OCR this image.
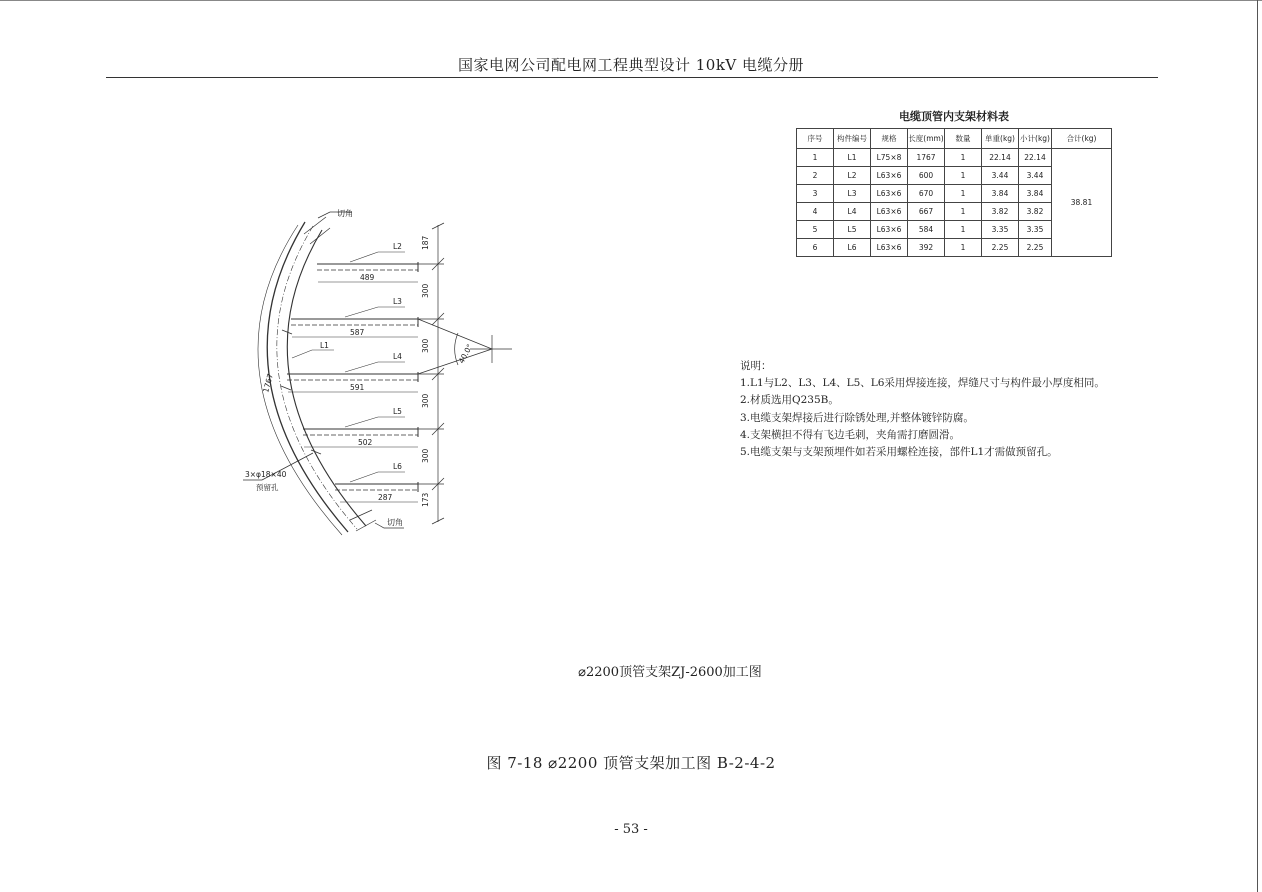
国家电网公司配电网工程典型设计 10kV 电缆分册
电缆顶管内支架材料表
序号	构件编号	规格	长度(mm)	数量	单重(kg)	小计(kg)	合计(kg)
1	L1	L75×8	1767	1	22.14	22.14	38.81
2	L2	L63×6	600	1	3.44	3.44	
3	L3	L63×6	670	1	3.84	3.84	
4	L4	L63×6	667	1	3.82	3.82	
5	L5	L63×6	584	1	3.35	3.35	
6	L6	L63×6	392	1	2.25	2.25	
说明：
1.L1与L2、L3、L4、L5、L6采用焊接连接，焊缝尺寸与构件最小厚度相同。
2.材质选用Q235B。
3.电缆支架焊接后进行除锈处理,并整体镀锌防腐。
4.支架横担不得有飞边毛刺，夹角需打磨圆滑。
5.电缆支架与支架预埋件如若采用螺栓连接，部件L1才需做预留孔。
切角
切角
L1
L2
L3
L4
L5
L6
489
587
591
502
287
187
300
300
300
300
173
1767
40.0°
3×φ18×40
预留孔
⌀2200顶管支架ZJ-2600加工图
图 7-18 ⌀2200 顶管支架加工图 B-2-4-2
- 53 -
